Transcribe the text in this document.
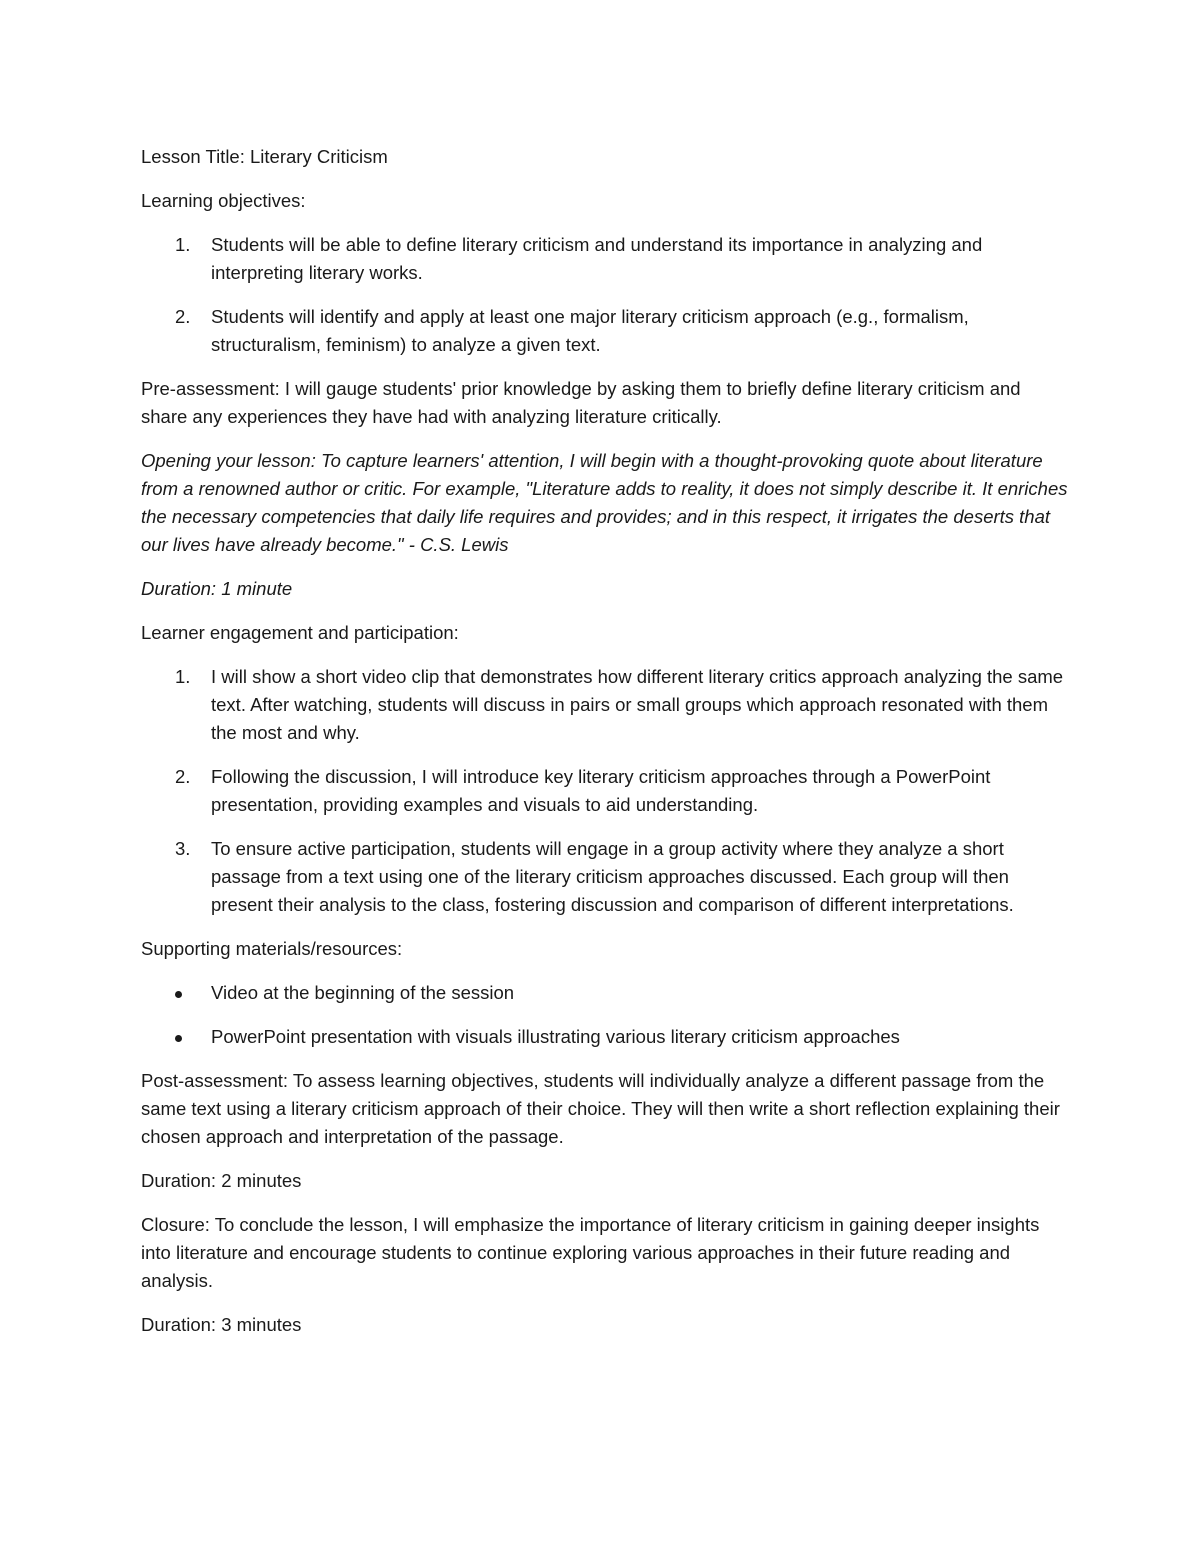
Lesson Title: Literary Criticism

Learning objectives:

1. Students will be able to define literary criticism and understand its importance in analyzing and interpreting literary works.
2. Students will identify and apply at least one major literary criticism approach (e.g., formalism, structuralism, feminism) to analyze a given text.

Pre-assessment: I will gauge students' prior knowledge by asking them to briefly define literary criticism and share any experiences they have had with analyzing literature critically.

Opening your lesson: To capture learners' attention, I will begin with a thought-provoking quote about literature from a renowned author or critic. For example, "Literature adds to reality, it does not simply describe it. It enriches the necessary competencies that daily life requires and provides; and in this respect, it irrigates the deserts that our lives have already become." - C.S. Lewis

Duration: 1 minute

Learner engagement and participation:

1. I will show a short video clip that demonstrates how different literary critics approach analyzing the same text. After watching, students will discuss in pairs or small groups which approach resonated with them the most and why.
2. Following the discussion, I will introduce key literary criticism approaches through a PowerPoint presentation, providing examples and visuals to aid understanding.
3. To ensure active participation, students will engage in a group activity where they analyze a short passage from a text using one of the literary criticism approaches discussed. Each group will then present their analysis to the class, fostering discussion and comparison of different interpretations.

Supporting materials/resources:

Video at the beginning of the session
PowerPoint presentation with visuals illustrating various literary criticism approaches

Post-assessment: To assess learning objectives, students will individually analyze a different passage from the same text using a literary criticism approach of their choice. They will then write a short reflection explaining their chosen approach and interpretation of the passage.

Duration: 2 minutes

Closure: To conclude the lesson, I will emphasize the importance of literary criticism in gaining deeper insights into literature and encourage students to continue exploring various approaches in their future reading and analysis.

Duration: 3 minutes
